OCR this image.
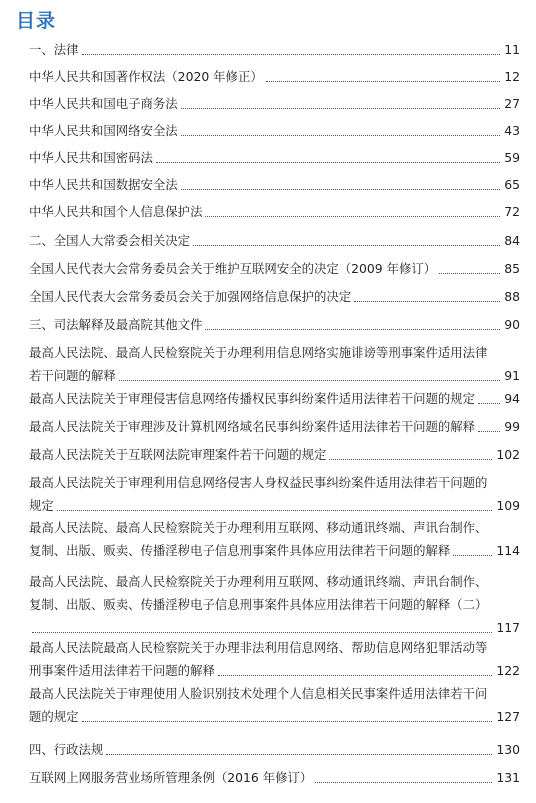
目录
一、法律	11
中华人民共和国著作权法（2020 年修正）	12
中华人民共和国电子商务法	27
中华人民共和国网络安全法	43
中华人民共和国密码法	59
中华人民共和国数据安全法	65
中华人民共和国个人信息保护法	72
二、全国人大常委会相关决定	84
全国人民代表大会常务委员会关于维护互联网安全的决定（2009 年修订）	85
全国人民代表大会常务委员会关于加强网络信息保护的决定	88
三、司法解释及最高院其他文件	90
最高人民法院、最高人民检察院关于办理利用信息网络实施诽谤等刑事案件适用法律
若干问题的解释	91
最高人民法院关于审理侵害信息网络传播权民事纠纷案件适用法律若干问题的规定 94
最高人民法院关于审理涉及计算机网络域名民事纠纷案件适用法律若干问题的解释 99
最高人民法院关于互联网法院审理案件若干问题的规定	102
最高人民法院关于审理利用信息网络侵害人身权益民事纠纷案件适用法律若干问题的
规定	109
最高人民法院、最高人民检察院关于办理利用互联网、移动通讯终端、声讯台制作、
复制、出版、贩卖、传播淫秽电子信息刑事案件具体应用法律若干问题的解释	114
最高人民法院、最高人民检察院关于办理利用互联网、移动通讯终端、声讯台制作、
复制、出版、贩卖、传播淫秽电子信息刑事案件具体应用法律若干问题的解释（二）
117
最高人民法院最高人民检察院关于办理非法利用信息网络、帮助信息网络犯罪活动等
刑事案件适用法律若干问题的解释	122
最高人民法院关于审理使用人脸识别技术处理个人信息相关民事案件适用法律若干问
题的规定	127
四、行政法规	130
互联网上网服务营业场所管理条例（2016 年修订）	131
